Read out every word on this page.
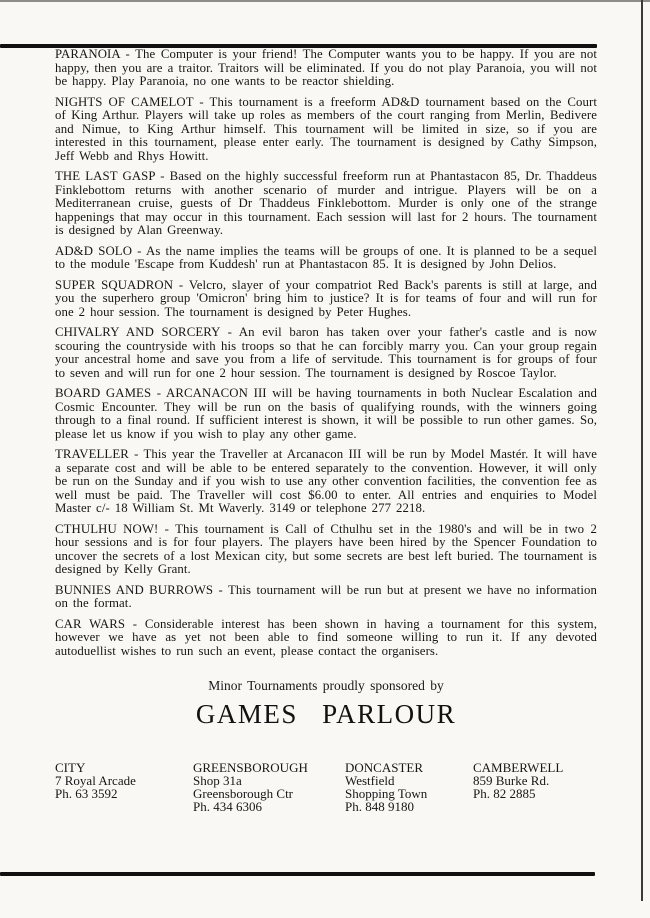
PARANOIA - The Computer is your friend! The Computer wants you to be happy. If you are not happy, then you are a traitor. Traitors will be eliminated. If you do not play Paranoia, you will not be happy. Play Paranoia, no one wants to be reactor shielding.

NIGHTS OF CAMELOT - This tournament is a freeform AD&D tournament based on the Court of King Arthur. Players will take up roles as members of the court ranging from Merlin, Bedivere and Nimue, to King Arthur himself. This tournament will be limited in size, so if you are interested in this tournament, please enter early. The tournament is designed by Cathy Simpson, Jeff Webb and Rhys Howitt.

THE LAST GASP - Based on the highly successful freeform run at Phantastacon 85, Dr. Thaddeus Finklebottom returns with another scenario of murder and intrigue. Players will be on a Mediterranean cruise, guests of Dr Thaddeus Finklebottom. Murder is only one of the strange happenings that may occur in this tournament. Each session will last for 2 hours. The tournament is designed by Alan Greenway.

AD&D SOLO - As the name implies the teams will be groups of one. It is planned to be a sequel to the module 'Escape from Kuddesh' run at Phantastacon 85. It is designed by John Delios.

SUPER SQUADRON - Velcro, slayer of your compatriot Red Back's parents is still at large, and you the superhero group 'Omicron' bring him to justice? It is for teams of four and will run for one 2 hour session. The tournament is designed by Peter Hughes.

CHIVALRY AND SORCERY - An evil baron has taken over your father's castle and is now scouring the countryside with his troops so that he can forcibly marry you. Can your group regain your ancestral home and save you from a life of servitude. This tournament is for groups of four to seven and will run for one 2 hour session. The tournament is designed by Roscoe Taylor.

BOARD GAMES - ARCANACON III will be having tournaments in both Nuclear Escalation and Cosmic Encounter. They will be run on the basis of qualifying rounds, with the winners going through to a final round. If sufficient interest is shown, it will be possible to run other games. So, please let us know if you wish to play any other game.

TRAVELLER - This year the Traveller at Arcanacon III will be run by Model Mastér. It will have a separate cost and will be able to be entered separately to the convention. However, it will only be run on the Sunday and if you wish to use any other convention facilities, the convention fee as well must be paid. The Traveller will cost $6.00 to enter. All entries and enquiries to Model Master c/- 18 William St. Mt Waverly. 3149 or telephone 277 2218.

CTHULHU NOW! - This tournament is Call of Cthulhu set in the 1980's and will be in two 2 hour sessions and is for four players. The players have been hired by the Spencer Foundation to uncover the secrets of a lost Mexican city, but some secrets are best left buried. The tournament is designed by Kelly Grant.

BUNNIES AND BURROWS - This tournament will be run but at present we have no information on the format.

CAR WARS - Considerable interest has been shown in having a tournament for this system, however we have as yet not been able to find someone willing to run it. If any devoted autoduellist wishes to run such an event, please contact the organisers.

Minor Tournaments proudly sponsored by

GAMES PARLOUR
CITY
7 Royal Arcade
Ph. 63 3592
GREENSBOROUGH
Shop 31a
Greensborough Ctr
Ph. 434 6306
DONCASTER
Westfield
Shopping Town
Ph. 848 9180
CAMBERWELL
859 Burke Rd.
Ph. 82 2885
